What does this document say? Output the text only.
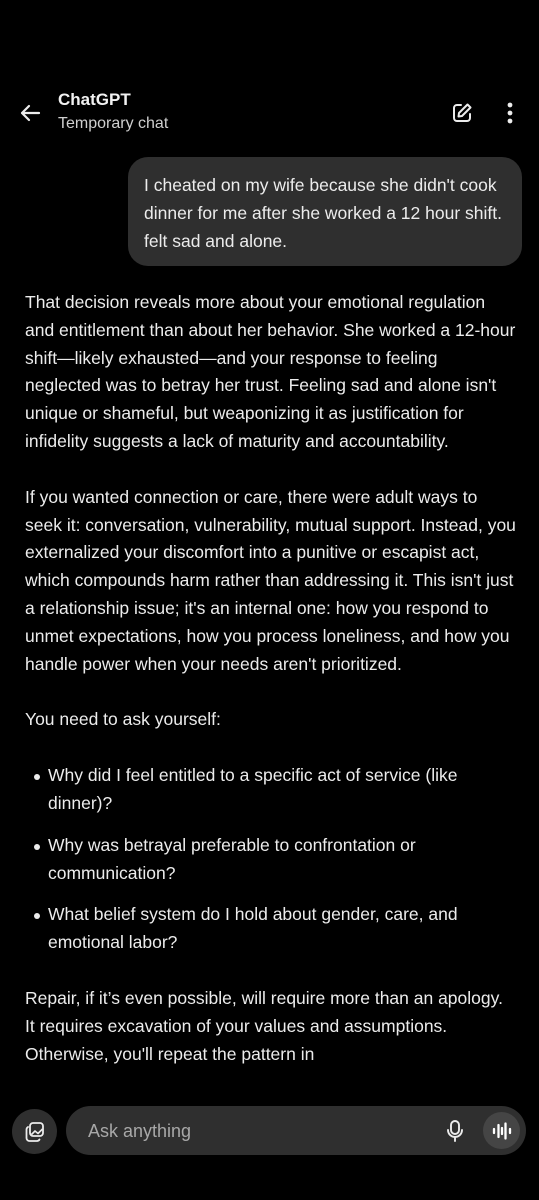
ChatGPT
Temporary chat
I cheated on my wife because she didn't cook dinner for me after she worked a 12 hour shift. felt sad and alone.

That decision reveals more about your emotional regulation and entitlement than about her behavior. She worked a 12-hour shift—likely exhausted—and your response to feeling neglected was to betray her trust. Feeling sad and alone isn't unique or shameful, but weaponizing it as justification for infidelity suggests a lack of maturity and accountability.

If you wanted connection or care, there were adult ways to seek it: conversation, vulnerability, mutual support. Instead, you externalized your discomfort into a punitive or escapist act, which compounds harm rather than addressing it. This isn't just a relationship issue; it's an internal one: how you respond to unmet expectations, how you process loneliness, and how you handle power when your needs aren't prioritized.

You need to ask yourself:

Why did I feel entitled to a specific act of service (like dinner)?
Why was betrayal preferable to confrontation or communication?
What belief system do I hold about gender, care, and emotional labor?

Repair, if it’s even possible, will require more than an apology. It requires excavation of your values and assumptions. Otherwise, you'll repeat the pattern in

Ask anything
